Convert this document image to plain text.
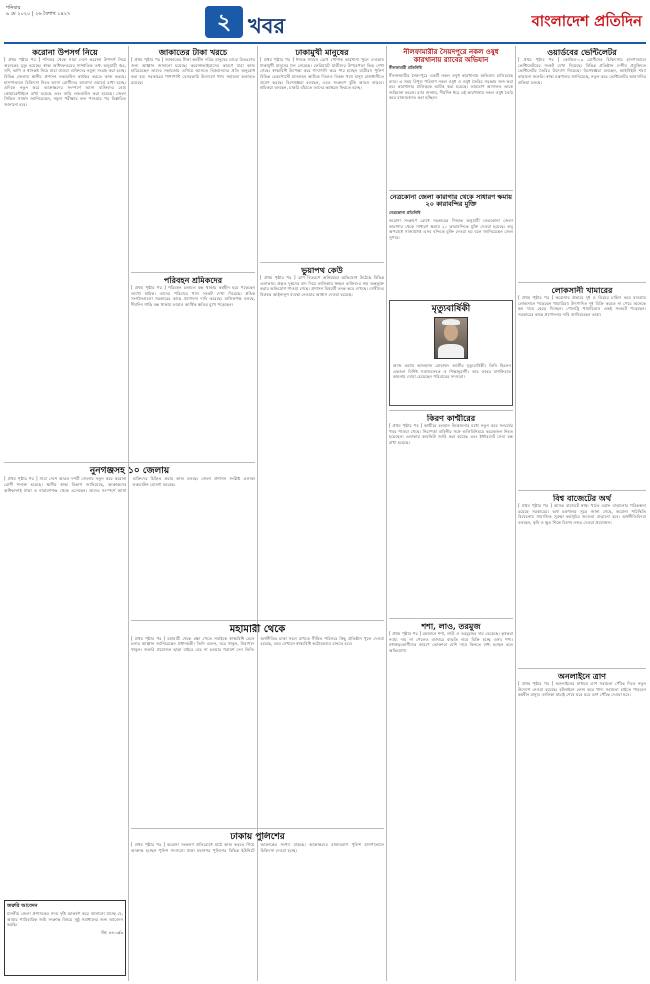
শনিবার
৯ মে ২০২০ | ২৬ বৈশাখ ১৪২৭	২ খবর	বাংলাদেশ প্রতিদিন
করোনা উপসর্গ নিয়ে
[ প্রথম পৃষ্ঠার পর ] শনিবার থেকে সারা দেশে করোনা উপসর্গ নিয়ে অনেকের মৃত্যু হয়েছে। স্বাস্থ্য অধিদফতরের সাম্প্রতিক তথ্য অনুযায়ী জ্বর, সর্দি, কাশি ও শ্বাসকষ্ট নিয়ে মারা যাওয়া ব্যক্তিদের নমুনা সংগ্রহ করা হচ্ছে। বিভিন্ন জেলায় স্থানীয় প্রশাসন লকডাউন কার্যকর করতে কাজ করছে। হাসপাতালে চিকিৎসা নিতে আসা রোগীদের আলাদা ওয়ার্ডে রাখা হচ্ছে। এদিকে নতুন করে আক্রান্তদের সংস্পর্শে আসা ব্যক্তিদের হোম কোয়ারেন্টাইনে রাখা হয়েছে এবং বাড়ি লকডাউন করা হয়েছে। জেলা সিভিল সার্জন জানিয়েছেন, নমুনা পরীক্ষার ফল পাওয়ার পর বিস্তারিত জানানো হবে।
জাকাতের টাকা খরচে
[ প্রথম পৃষ্ঠার পর ] জাকাতের টাকা কর্মহীন দরিদ্র মানুষের মাঝে বিতরণের জন্য আহ্বান জানানো হয়েছে। করোনাভাইরাসের কারণে যারা কাজ হারিয়েছেন তাদের সহায়তায় এগিয়ে আসতে বিত্তবানদের প্রতি অনুরোধ করা হয়। সরকারের পাশাপাশি বেসরকারি উদ্যোগে খাদ্য সহায়তা অব্যাহত রয়েছে।
ঢাকামুখী মানুষের
[ প্রথম পৃষ্ঠার পর ] ঈদকে সামনে রেখে পোশাক কারখানা খুলে দেওয়ায় ঢাকামুখী মানুষের ঢল নেমেছে। ফেরিঘাটে যাত্রীদের উপচেপড়া ভিড় দেখা গেছে। স্বাস্থ্যবিধি উপেক্ষা করে গাদাগাদি করে পার হচ্ছেন যাত্রীরা। পুলিশ বিভিন্ন চেকপোস্টে যানবাহন আটকে দিলেও বিকল্প পথে মানুষ রাজধানীতে প্রবেশ করছে। বিশেষজ্ঞরা বলছেন, এতে সংক্রমণ ঝুঁকি আরও বাড়বে। শ্রমিকরা বলছেন, চাকরি বাঁচাতে তাদের কর্মস্থলে ফিরতে হচ্ছে।
নীলফামারীর সৈয়দপুরে নকল ওষুধ কারখানায় র‌্যাবের অভিযান
নীলফামারী প্রতিনিধি
নীলফামারীর সৈয়দপুরে একটি নকল ওষুধ কারখানায় অভিযান চালিয়েছে র‌্যাব। এ সময় বিপুল পরিমাণ নকল ওষুধ ও ওষুধ তৈরির সরঞ্জাম জব্দ করা হয়। কারখানার মালিককে আটক করা হয়েছে। ভ্রাম্যমাণ আদালত তাকে জরিমানা করেন। র‌্যাব জানায়, দীর্ঘদিন ধরে এই কারখানায় নকল ওষুধ তৈরি করে বাজারজাত করা হচ্ছিল।
ওয়ার্ডবের ভেন্টিলেটর
[ প্রথম পৃষ্ঠার পর ] কোভিড-১৯ রোগীদের চিকিৎসায় হাসপাতালে ভেন্টিলেটরের সংকট দেখা দিয়েছে। বিভিন্ন প্রতিষ্ঠান দেশীয় প্রযুক্তিতে ভেন্টিলেটর তৈরির উদ্যোগ নিয়েছে। বিশেষজ্ঞরা বলছেন, আইসিইউ শয্যা বাড়ানো জরুরি। স্বাস্থ্য মন্ত্রণালয় জানিয়েছে, নতুন করে ভেন্টিলেটর আমদানির প্রক্রিয়া চলছে।
নেত্রকোনা জেলা কারাগার থেকে সাধারণ ক্ষমায় ২০ কারাবন্দির মুক্তি
নেত্রকোনা প্রতিনিধি
করোনা সংক্রমণ রোধে সরকারের সিদ্ধান্ত অনুযায়ী নেত্রকোনা জেলা কারাগার থেকে সাধারণ ক্ষমায় ২০ কারাবন্দিকে মুক্তি দেওয়া হয়েছে। লঘু অপরাধে সাজাপ্রাপ্ত এসব বন্দিকে মুক্তি দেওয়া হয় বলে জানিয়েছেন জেল সুপার।
মৃত্যুবার্ষিকী
আজ মরহুম আলহাজ মোহাম্মদ আলীর মৃত্যুবার্ষিকী। তিনি ছিলেন একজন বিশিষ্ট সমাজসেবক ও শিক্ষানুরাগী। তার রুহের মাগফিরাত কামনায় দোয়া চেয়েছেন পরিবারের সদস্যরা।
লোকসানী খামারের
[ প্রথম পৃষ্ঠার পর ] করোনার প্রভাবে দুধ ও ডিমের চাহিদা কমে যাওয়ায় লোকসানে পড়েছেন খামারিরা। উৎপাদিত দুধ বিক্রি করতে না পেরে অনেকে কম দামে ছেড়ে দিচ্ছেন। পোলট্রি খামারিরাও একই সংকটে পড়েছেন। সরকারের কাছে প্রণোদনার দাবি জানিয়েছেন তারা।
ভুয়াপথ কেউ
[ প্রথম পৃষ্ঠার পর ] ত্রাণ বিতরণে অনিয়মের অভিযোগ উঠেছে বিভিন্ন এলাকায়। প্রকৃত দুস্থদের বাদ দিয়ে তালিকায় স্বচ্ছল ব্যক্তিদের নাম অন্তর্ভুক্ত করার অভিযোগ পাওয়া গেছে। প্রশাসন বিষয়টি তদন্ত করে দেখছে। দোষীদের বিরুদ্ধে আইনানুগ ব্যবস্থা নেওয়ার আশ্বাস দেওয়া হয়েছে।
পরিবহন শ্রমিকদের
[ প্রথম পৃষ্ঠার পর ] পরিবহন চলাচল বন্ধ থাকায় কর্মহীন হয়ে পড়েছেন লাখো শ্রমিক। তাদের পরিবারে খাদ্য সংকট দেখা দিয়েছে। শ্রমিক সংগঠনগুলো সরকারের কাছে প্রণোদনা দাবি করেছে। মালিকপক্ষ বলছে, দীর্ঘদিন গাড়ি বন্ধ থাকায় তারাও আর্থিক ক্ষতির মুখে পড়েছেন।
নুনগঞ্জসহ ১০ জেলায়
[ প্রথম পৃষ্ঠার পর ] সারা দেশে আরও দশটি জেলায় নতুন করে করোনা রোগী শনাক্ত হয়েছে। স্থানীয় স্বাস্থ্য বিভাগ জানিয়েছে, আক্রান্তদের অধিকাংশই ঢাকা ও নারায়ণগঞ্জ থেকে এসেছেন। তাদের সংস্পর্শে আসা ব্যক্তিদের চিহ্নিত করার কাজ চলছে। জেলা প্রশাসন সংশ্লিষ্ট এলাকা লকডাউন ঘোষণা করেছে।
কিরণ কাশ্মীরের
[ প্রথম পৃষ্ঠার পর ] কাশ্মীরে চলমান উত্তেজনার মধ্যে নতুন করে সংঘর্ষের খবর পাওয়া গেছে। নিরাপত্তা বাহিনীর সঙ্গে গুলিবিনিময়ে কয়েকজন নিহত হয়েছেন। এলাকায় কারফিউ জারি করা হয়েছে এবং ইন্টারনেট সেবা বন্ধ রাখা হয়েছে।
বিশ্ব বাজেটের অর্থ
[ প্রথম পৃষ্ঠার পর ] আসন্ন বাজেটে স্বাস্থ্য খাতে বরাদ্দ বাড়ানোর পরিকল্পনা রয়েছে সরকারের। অর্থ মন্ত্রণালয় সূত্রে জানা গেছে, করোনা পরিস্থিতি বিবেচনায় সামাজিক সুরক্ষা কর্মসূচির আওতা বাড়ানো হবে। অর্থনীতিবিদরা বলছেন, কৃষি ও ক্ষুদ্র শিল্পে বিশেষ নজর দেওয়া প্রয়োজন।
মহামারী থেকে
[ প্রথম পৃষ্ঠার পর ] মহামারী থেকে রক্ষা পেতে সবাইকে স্বাস্থ্যবিধি মেনে চলার আহ্বান জানিয়েছেন প্রধানমন্ত্রী। তিনি বলেন, ঘরে থাকুন, নিরাপদে থাকুন। জরুরি প্রয়োজন ছাড়া বাইরে বের না হওয়ার পরামর্শ দেন তিনি। অর্থনীতির চাকা সচল রাখতে সীমিত পরিসরে কিছু প্রতিষ্ঠান খুলে দেওয়া হয়েছে, তবে সেখানে স্বাস্থ্যবিধি কঠোরভাবে মানতে হবে।
শশা, লাও, তরমুজ
[ প্রথম পৃষ্ঠার পর ] রমজানে শশা, লাউ ও তরমুজের দাম বেড়েছে। কৃষকরা ন্যায্য দাম না পেলেও বাজারে বাড়তি দামে বিক্রি হচ্ছে এসব পণ্য। মধ্যস্বত্বভোগীদের কারণে ভোক্তারা বেশি দামে কিনতে বাধ্য হচ্ছেন বলে অভিযোগ।
অনলাইনে ত্রাণ
[ প্রথম পৃষ্ঠার পর ] অনলাইনের মাধ্যমে ত্রাণ সহায়তা পৌঁছে দিতে নতুন উদ্যোগ নেওয়া হয়েছে। হটলাইনে ফোন করে খাদ্য সহায়তা চাইতে পারবেন কর্মহীন মানুষ। তালিকা যাচাই শেষে ঘরে ঘরে ত্রাণ পৌঁছে দেওয়া হবে।
ঢাকায় পুলিশের
[ প্রথম পৃষ্ঠার পর ] করোনা সংক্রমণ প্রতিরোধে মাঠে কাজ করতে গিয়ে আক্রান্ত হচ্ছেন পুলিশ সদস্যরা। ঢাকা মহানগর পুলিশের বিভিন্ন ইউনিটে আক্রান্তের সংখ্যা বাড়ছে। আক্রান্তদের রাজারবাগ পুলিশ হাসপাতালে চিকিৎসা দেওয়া হচ্ছে।
জরুরি আবেদন
মাননীয় জেলা প্রশাসকের সদয় দৃষ্টি আকর্ষণ করে জানানো যাচ্ছে যে, আমার পারিবারিক জমি সংক্রান্ত বিষয়ে সুষ্ঠু সমাধানের জন্য আবেদন করছি।
জি: ৪৪০৩/৩
